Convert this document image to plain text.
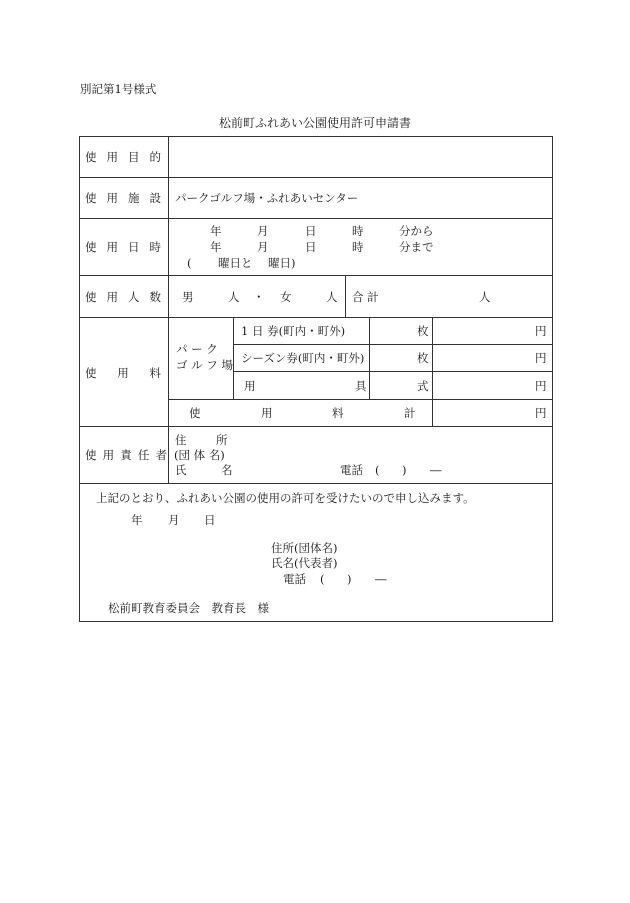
別記第1号様式
松前町ふれあい公園使用許可申請書
使 用 目 的
使 用 施 設 パークゴルフ場・ふれあいセンター
使 用 日 時
年	月	日	時	分から
年	月	日	時	分まで
( 曜日と 曜日)
使 用 人 数 男	人 ・ 女	人 合 計	人
使 用 料
パ ー ク
ゴ ル フ 場
1 日 券(町内・町外)	枚	円
シーズン券(町内・町外)	枚	円
用	具	式	円
使	用	料	計	円
使 用 責 任 者
住	所
(団 体 名)
氏	名	電話 ( ) ―
上記のとおり、ふれあい公園の使用の許可を受けたいので申し込みます。
年 月 日
住所(団体名)
氏名(代表者)
電話 ( ) ―
松前町教育委員会　教育長　様
